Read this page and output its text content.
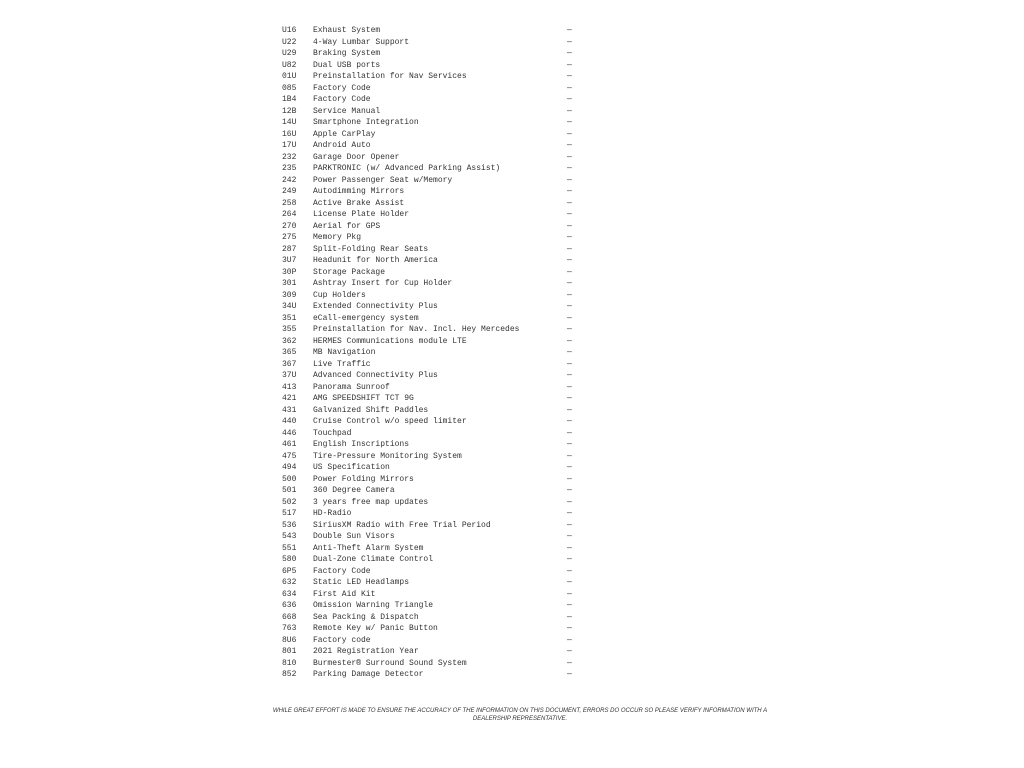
U16 Exhaust System	—
U22 4-Way Lumbar Support	—
U29 Braking System	—
U82 Dual USB ports	—
01U Preinstallation for Nav Services	—
085 Factory Code	—
1B4 Factory Code	—
12B Service Manual	—
14U Smartphone Integration	—
16U Apple CarPlay	—
17U Android Auto	—
232 Garage Door Opener	—
235 PARKTRONIC (w/ Advanced Parking Assist)	—
242 Power Passenger Seat w/Memory	—
249 Autodimming Mirrors	—
258 Active Brake Assist	—
264 License Plate Holder	—
270 Aerial for GPS	—
275 Memory Pkg	—
287 Split-Folding Rear Seats	—
3U7 Headunit for North America	—
30P Storage Package	—
301 Ashtray Insert for Cup Holder	—
309 Cup Holders	—
34U Extended Connectivity Plus	—
351 eCall-emergency system	—
355 Preinstallation for Nav. Incl. Hey Mercedes	—
362 HERMES Communications module LTE	—
365 MB Navigation	—
367 Live Traffic	—
37U Advanced Connectivity Plus	—
413 Panorama Sunroof	—
421 AMG SPEEDSHIFT TCT 9G	—
431 Galvanized Shift Paddles	—
440 Cruise Control w/o speed limiter	—
446 Touchpad	—
461 English Inscriptions	—
475 Tire-Pressure Monitoring System	—
494 US Specification	—
500 Power Folding Mirrors	—
501 360 Degree Camera	—
502 3 years free map updates	—
517 HD-Radio	—
536 SiriusXM Radio with Free Trial Period	—
543 Double Sun Visors	—
551 Anti-Theft Alarm System	—
580 Dual-Zone Climate Control	—
6P5 Factory Code	—
632 Static LED Headlamps	—
634 First Aid Kit	—
636 Omission Warning Triangle	—
668 Sea Packing & Dispatch	—
763 Remote Key w/ Panic Button	—
8U6 Factory code	—
801 2021 Registration Year	—
810 Burmester® Surround Sound System	—
852 Parking Damage Detector	—

WHILE GREAT EFFORT IS MADE TO ENSURE THE ACCURACY OF THE INFORMATION ON THIS DOCUMENT, ERRORS DO OCCUR SO PLEASE VERIFY INFORMATION WITH A DEALERSHIP REPRESENTATIVE.
